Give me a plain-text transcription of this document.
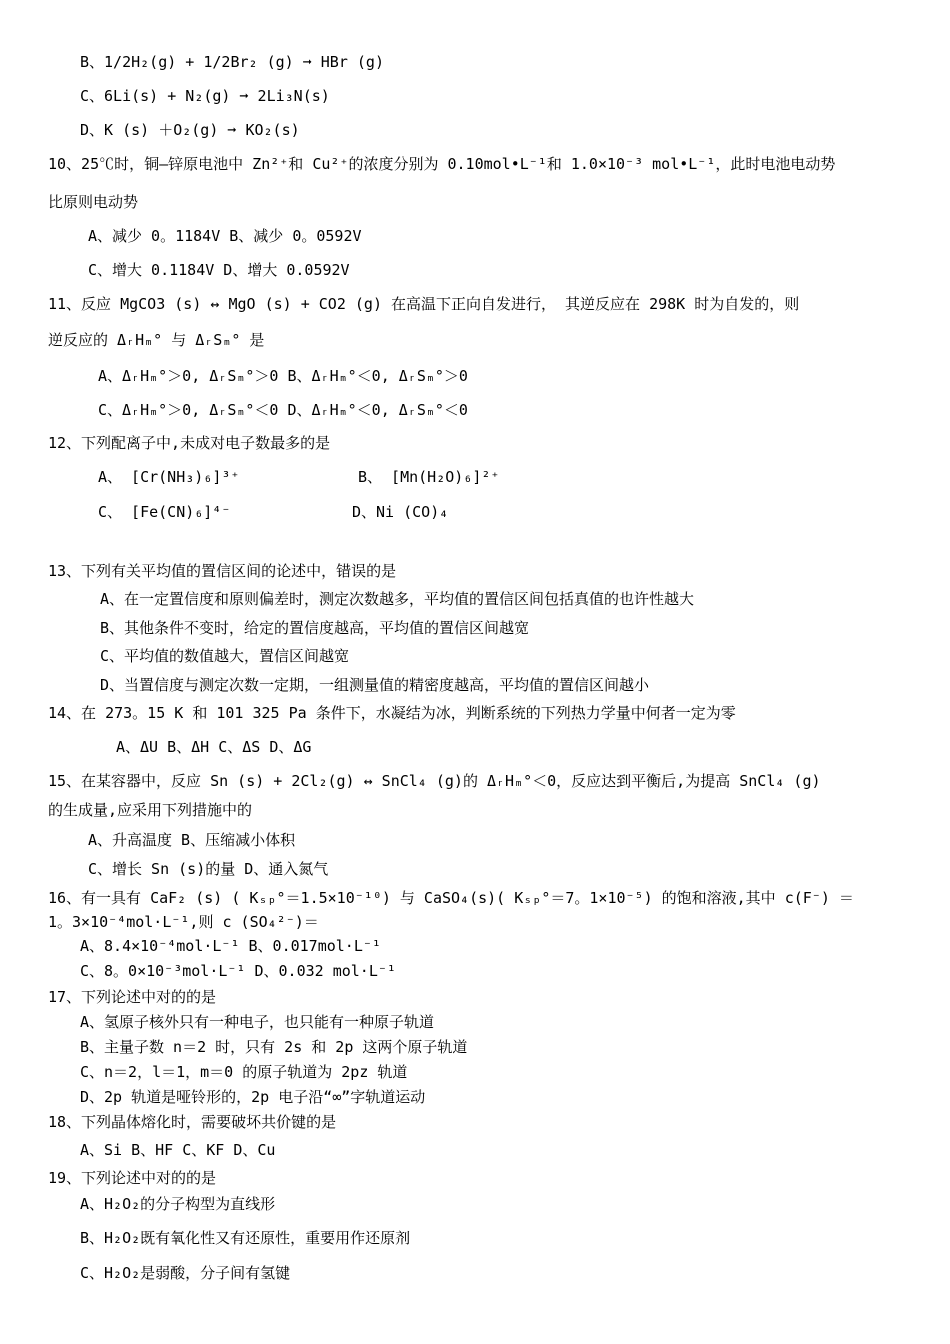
B、1/2H₂(g) + 1/2Br₂ (g) ➞ HBr (g)
C、6Li(s) + N₂(g) ➞ 2Li₃N(s)
D、K (s) ＋O₂(g) ➞ KO₂(s)
10、25℃时，铜—锌原电池中 Zn²⁺和 Cu²⁺的浓度分别为 0.10mol•L⁻¹和 1.0×10⁻³ mol•L⁻¹，此时电池电动势
比原则电动势
A、减少 0。1184V B、减少 0。0592V
C、增大 0.1184V D、增大 0.0592V
11、反应 MgCO3 (s) ↔ MgO (s) + CO2 (g) 在高温下正向自发进行， 其逆反应在 298K 时为自发的，则
逆反应的 ΔᵣHₘ° 与 ΔᵣSₘ° 是
A、ΔᵣHₘ°＞0, ΔᵣSₘ°＞0 B、ΔᵣHₘ°＜0, ΔᵣSₘ°＞0
C、ΔᵣHₘ°＞0, ΔᵣSₘ°＜0 D、ΔᵣHₘ°＜0, ΔᵣSₘ°＜0
12、下列配离子中,未成对电子数最多的是
A、 [Cr(NH₃)₆]³⁺	B、 [Mn(H₂O)₆]²⁺
C、 [Fe(CN)₆]⁴⁻	D、Ni (CO)₄
13、下列有关平均值的置信区间的论述中，错误的是
A、在一定置信度和原则偏差时，测定次数越多，平均值的置信区间包括真值的也许性越大
B、其他条件不变时，给定的置信度越高，平均值的置信区间越宽
C、平均值的数值越大，置信区间越宽
D、当置信度与测定次数一定期，一组测量值的精密度越高，平均值的置信区间越小
14、在 273。15 K 和 101 325 Pa 条件下，水凝结为冰，判断系统的下列热力学量中何者一定为零
A、ΔU B、ΔH C、ΔS D、ΔG
15、在某容器中，反应 Sn (s) + 2Cl₂(g) ↔ SnCl₄ (g)的 ΔᵣHₘ°＜0，反应达到平衡后,为提高 SnCl₄ (g)
的生成量,应采用下列措施中的
A、升高温度 B、压缩减小体积
C、增长 Sn (s)的量 D、通入氮气
16、有一具有 CaF₂ (s) ( Kₛₚ°＝1.5×10⁻¹⁰) 与 CaSO₄(s)( Kₛₚ°＝7。1×10⁻⁵) 的饱和溶液,其中 c(F⁻) ＝
1。3×10⁻⁴mol·L⁻¹,则 c (SO₄²⁻)＝
A、8.4×10⁻⁴mol·L⁻¹ B、0.017mol·L⁻¹
C、8。0×10⁻³mol·L⁻¹ D、0.032 mol·L⁻¹
17、下列论述中对的的是
A、氢原子核外只有一种电子，也只能有一种原子轨道
B、主量子数 n＝2 时，只有 2s 和 2p 这两个原子轨道
C、n＝2，l＝1，m＝0 的原子轨道为 2pz 轨道
D、2p 轨道是哑铃形的，2p 电子沿“∞”字轨道运动
18、下列晶体熔化时，需要破坏共价键的是
A、Si B、HF C、KF D、Cu
19、下列论述中对的的是
A、H₂O₂的分子构型为直线形
B、H₂O₂既有氧化性又有还原性，重要用作还原剂
C、H₂O₂是弱酸，分子间有氢键
